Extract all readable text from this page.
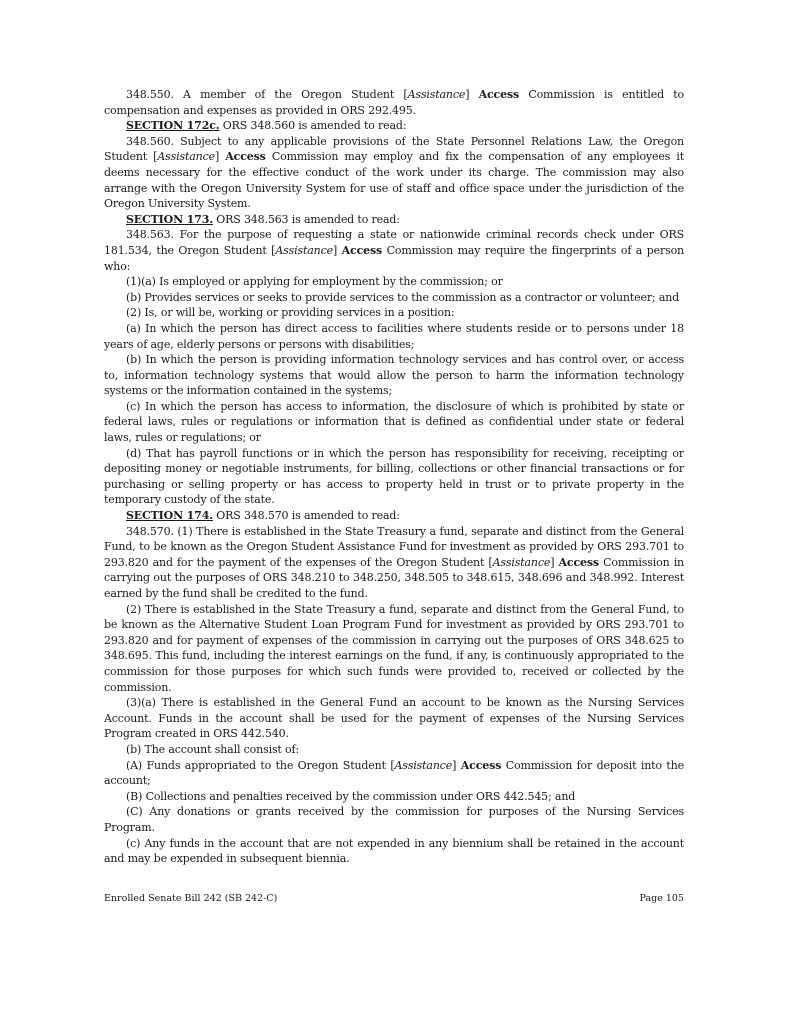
348.550. A member of the Oregon Student [Assistance] Access Commission is entitled to compensation and expenses as provided in ORS 292.495.

SECTION 172c. ORS 348.560 is amended to read:

348.560. Subject to any applicable provisions of the State Personnel Relations Law, the Oregon Student [Assistance] Access Commission may employ and fix the compensation of any employees it deems necessary for the effective conduct of the work under its charge. The commission may also arrange with the Oregon University System for use of staff and office space under the jurisdiction of the Oregon University System.

SECTION 173. ORS 348.563 is amended to read:

348.563. For the purpose of requesting a state or nationwide criminal records check under ORS 181.534, the Oregon Student [Assistance] Access Commission may require the fingerprints of a person who:

(1)(a) Is employed or applying for employment by the commission; or

(b) Provides services or seeks to provide services to the commission as a contractor or volunteer; and

(2) Is, or will be, working or providing services in a position:

(a) In which the person has direct access to facilities where students reside or to persons under 18 years of age, elderly persons or persons with disabilities;

(b) In which the person is providing information technology services and has control over, or access to, information technology systems that would allow the person to harm the information technology systems or the information contained in the systems;

(c) In which the person has access to information, the disclosure of which is prohibited by state or federal laws, rules or regulations or information that is defined as confidential under state or federal laws, rules or regulations; or

(d) That has payroll functions or in which the person has responsibility for receiving, receipting or depositing money or negotiable instruments, for billing, collections or other financial transactions or for purchasing or selling property or has access to property held in trust or to private property in the temporary custody of the state.

SECTION 174. ORS 348.570 is amended to read:

348.570. (1) There is established in the State Treasury a fund, separate and distinct from the General Fund, to be known as the Oregon Student Assistance Fund for investment as provided by ORS 293.701 to 293.820 and for the payment of the expenses of the Oregon Student [Assistance] Access Commission in carrying out the purposes of ORS 348.210 to 348.250, 348.505 to 348.615, 348.696 and 348.992. Interest earned by the fund shall be credited to the fund.

(2) There is established in the State Treasury a fund, separate and distinct from the General Fund, to be known as the Alternative Student Loan Program Fund for investment as provided by ORS 293.701 to 293.820 and for payment of expenses of the commission in carrying out the purposes of ORS 348.625 to 348.695. This fund, including the interest earnings on the fund, if any, is continuously appropriated to the commission for those purposes for which such funds were provided to, received or collected by the commission.

(3)(a) There is established in the General Fund an account to be known as the Nursing Services Account. Funds in the account shall be used for the payment of expenses of the Nursing Services Program created in ORS 442.540.

(b) The account shall consist of:

(A) Funds appropriated to the Oregon Student [Assistance] Access Commission for deposit into the account;

(B) Collections and penalties received by the commission under ORS 442.545; and

(C) Any donations or grants received by the commission for purposes of the Nursing Services Program.

(c) Any funds in the account that are not expended in any biennium shall be retained in the account and may be expended in subsequent biennia.

Enrolled Senate Bill 242 (SB 242-C)	Page 105
